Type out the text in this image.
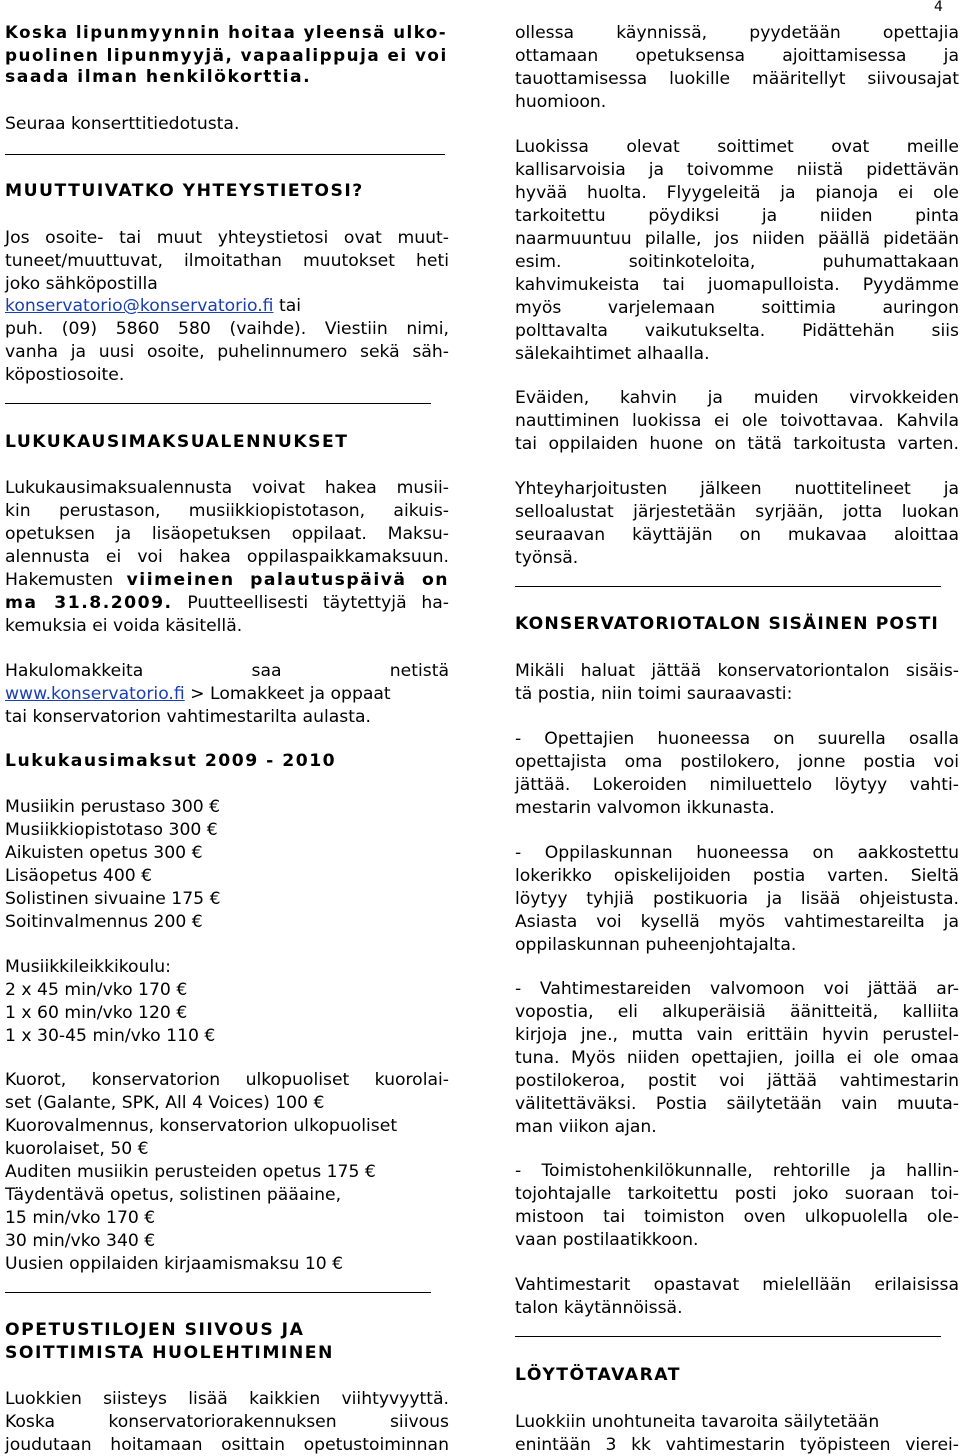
4
Koska lipunmyynnin hoitaa yleensä ulko-
puolinen lipunmyyjä, vapaalippuja ei voi
saada ilman henkilökorttia.
Seuraa konserttitiedotusta.
MUUTTUIVATKO YHTEYSTIETOSI?
Jos osoite- tai muut yhteystietosi ovat muut-
tuneet/muuttuvat, ilmoitathan muutokset heti
joko sähköpostilla
konservatorio@konservatorio.fi tai
puh. (09) 5860 580 (vaihde). Viestiin nimi,
vanha ja uusi osoite, puhelinnumero sekä säh-
köpostiosoite.
LUKUKAUSIMAKSUALENNUKSET
Lukukausimaksualennusta voivat hakea musii-
kin perustason, musiikkiopistotason, aikuis-
opetuksen ja lisäopetuksen oppilaat. Maksu-
alennusta ei voi hakea oppilaspaikkamaksuun.
Hakemusten viimeinen palautuspäivä on
ma 31.8.2009. Puutteellisesti täytettyjä ha-
kemuksia ei voida käsitellä.
Hakulomakkeita saa netistä
www.konservatorio.fi > Lomakkeet ja oppaat
tai konservatorion vahtimestarilta aulasta.
Lukukausimaksut 2009 - 2010
Musiikin perustaso 300 €
Musiikkiopistotaso 300 €
Aikuisten opetus 300 €
Lisäopetus 400 €
Solistinen sivuaine 175 €
Soitinvalmennus 200 €
Musiikkileikkikoulu:
2 x 45 min/vko 170 €
1 x 60 min/vko 120 €
1 x 30-45 min/vko 110 €
Kuorot, konservatorion ulkopuoliset kuorolai-
set (Galante, SPK, All 4 Voices) 100 €
Kuorovalmennus, konservatorion ulkopuoliset
kuorolaiset, 50 €
Auditen musiikin perusteiden opetus 175 €
Täydentävä opetus, solistinen pääaine,
15 min/vko 170 €
30 min/vko 340 €
Uusien oppilaiden kirjaamismaksu 10 €
OPETUSTILOJEN SIIVOUS JA
SOITTIMISTA HUOLEHTIMINEN
Luokkien siisteys lisää kaikkien viihtyvyyttä.
Koska konservatoriorakennuksen siivous
joudutaan hoitamaan osittain opetustoiminnan
ollessa käynnissä, pyydetään opettajia
ottamaan opetuksensa ajoittamisessa ja
tauottamisessa luokille määritellyt siivousajat
huomioon.
Luokissa olevat soittimet ovat meille
kallisarvoisia ja toivomme niistä pidettävän
hyvää huolta. Flyygeleitä ja pianoja ei ole
tarkoitettu pöydiksi ja niiden pinta
naarmuuntuu pilalle, jos niiden päällä pidetään
esim. soitinkoteloita, puhumattakaan
kahvimukeista tai juomapulloista. Pyydämme
myös varjelemaan soittimia auringon
polttavalta vaikutukselta. Pidättehän siis
sälekaihtimet alhaalla.
Eväiden, kahvin ja muiden virvokkeiden
nauttiminen luokissa ei ole toivottavaa. Kahvila
tai oppilaiden huone on tätä tarkoitusta varten.
Yhteyharjoitusten jälkeen nuottitelineet ja
selloalustat järjestetään syrjään, jotta luokan
seuraavan käyttäjän on mukavaa aloittaa
työnsä.
KONSERVATORIOTALON SISÄINEN POSTI
Mikäli haluat jättää konservatoriontalon sisäis-
tä postia, niin toimi sauraavasti:
- Opettajien huoneessa on suurella osalla
opettajista oma postilokero, jonne postia voi
jättää. Lokeroiden nimiluettelo löytyy vahti-
mestarin valvomon ikkunasta.
- Oppilaskunnan huoneessa on aakkostettu
lokerikko opiskelijoiden postia varten. Sieltä
löytyy tyhjiä postikuoria ja lisää ohjeistusta.
Asiasta voi kysellä myös vahtimestareilta ja
oppilaskunnan puheenjohtajalta.
- Vahtimestareiden valvomoon voi jättää ar-
vopostia, eli alkuperäisiä äänitteitä, kalliita
kirjoja jne., mutta vain erittäin hyvin perustel-
tuna. Myös niiden opettajien, joilla ei ole omaa
postilokeroa, postit voi jättää vahtimestarin
välitettäväksi. Postia säilytetään vain muuta-
man viikon ajan.
- Toimistohenkilökunnalle, rehtorille ja hallin-
tojohtajalle tarkoitettu posti joko suoraan toi-
mistoon tai toimiston oven ulkopuolella ole-
vaan postilaatikkoon.
Vahtimestarit opastavat mielellään erilaisissa
talon käytännöissä.
LÖYTÖTAVARAT
Luokkiin unohtuneita tavaroita säilytetään
enintään 3 kk vahtimestarin työpisteen vierei-
